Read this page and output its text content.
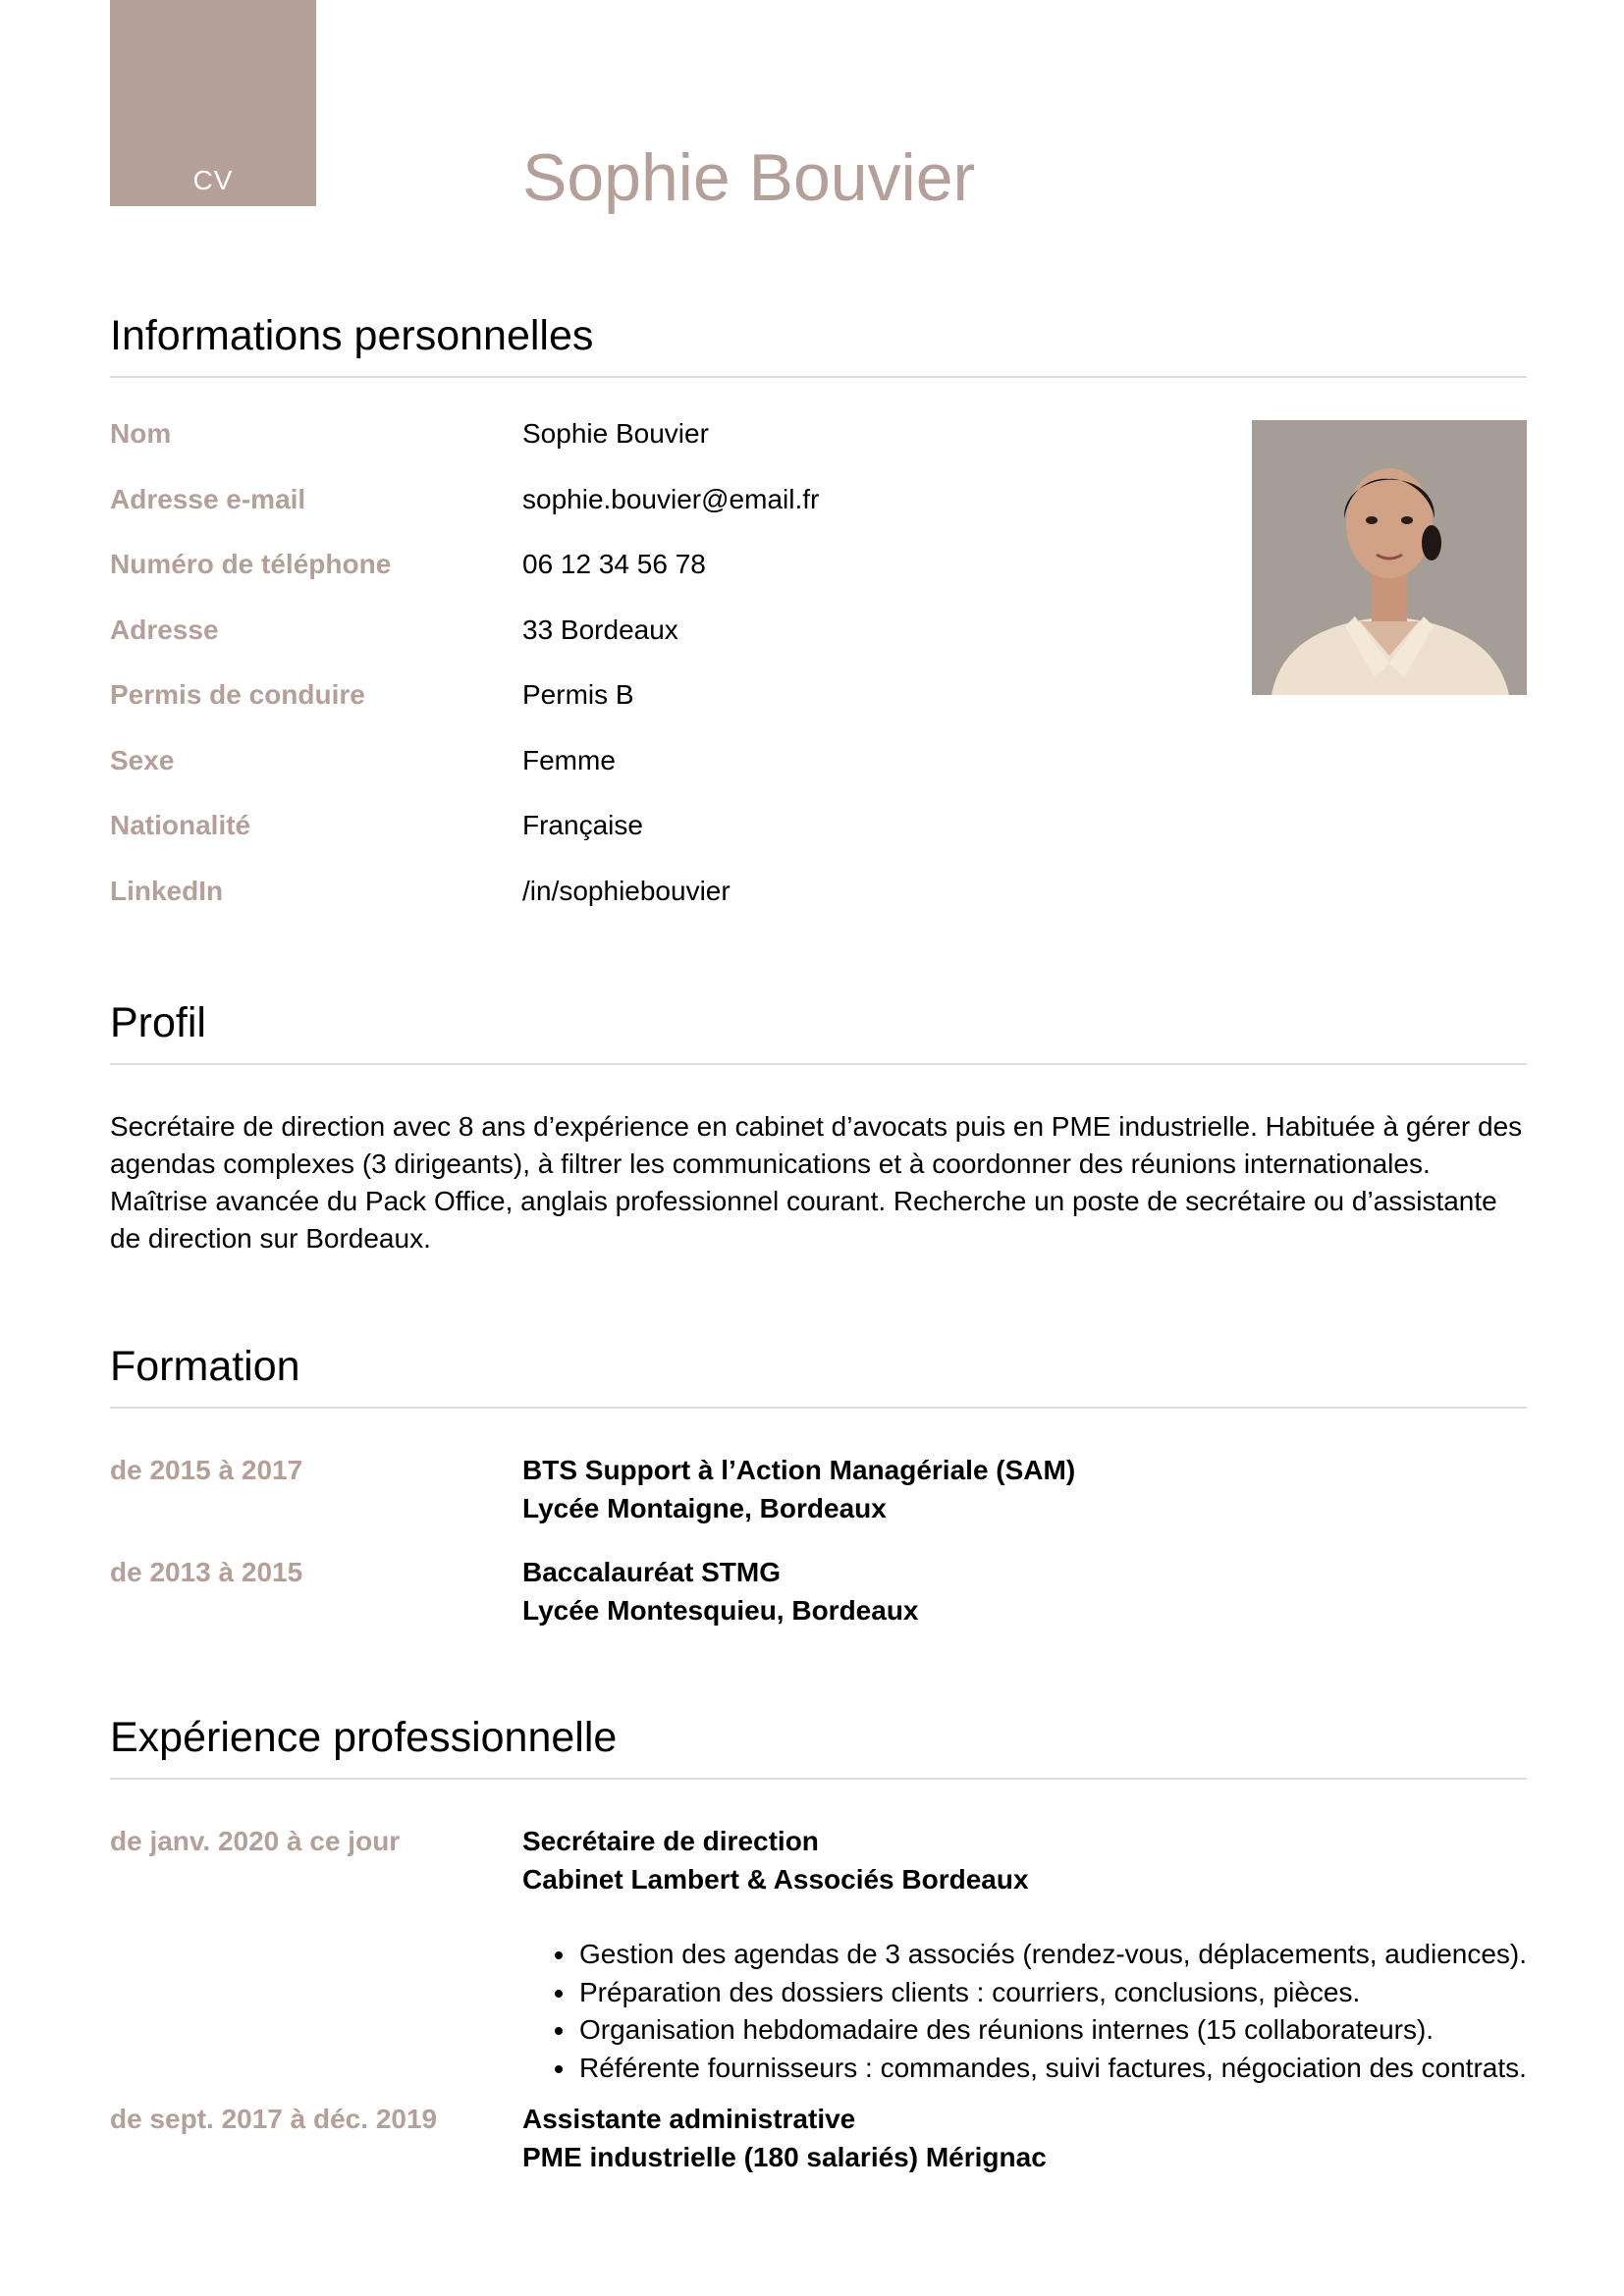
CV	Sophie Bouvier
Informations personnelles
Nom	Sophie Bouvier
Adresse e-mail	sophie.bouvier@email.fr
Numéro de téléphone	06 12 34 56 78
Adresse	33 Bordeaux
Permis de conduire	Permis B
Sexe	Femme
Nationalité	Française
LinkedIn	/in/sophiebouvier
Profil

Secrétaire de direction avec 8 ans d’expérience en cabinet d’avocats puis en PME industrielle. Habituée à gérer des agendas complexes (3 dirigeants), à filtrer les communications et à coordonner des réunions internationales. Maîtrise avancée du Pack Office, anglais professionnel courant. Recherche un poste de secrétaire ou d’assistante de direction sur Bordeaux.

Formation
de 2015 à 2017	BTS Support à l’Action Managériale (SAM)
Lycée Montaigne, Bordeaux
de 2013 à 2015	Baccalauréat STMG
Lycée Montesquieu, Bordeaux
Expérience professionnelle
de janv. 2020 à ce jour	Secrétaire de direction
Cabinet Lambert & Associés Bordeaux
• Gestion des agendas de 3 associés (rendez-vous, déplacements, audiences).
• Préparation des dossiers clients : courriers, conclusions, pièces.
• Organisation hebdomadaire des réunions internes (15 collaborateurs).
• Référente fournisseurs : commandes, suivi factures, négociation des contrats.
de sept. 2017 à déc. 2019	Assistante administrative
PME industrielle (180 salariés) Mérignac
